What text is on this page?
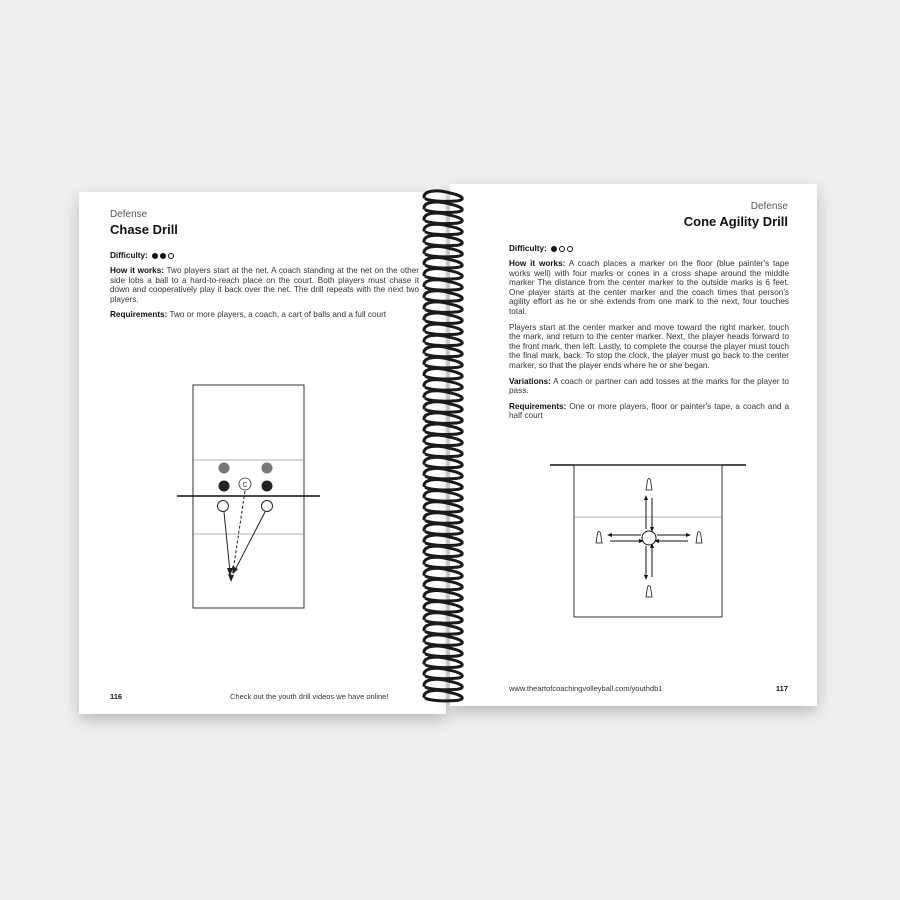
Defense
Chase Drill
Difficulty:

How it works: Two players start at the net. A coach standing at the net on the other side lobs a ball to a hard-to-reach place on the court. Both players must chase it down and cooperatively play it back over the net. The drill repeats with the next two players.

Requirements: Two or more players, a coach, a cart of balls and a full court

C
116	Check out the youth drill videos we have online!
Defense
Cone Agility Drill
Difficulty:

How it works: A coach places a marker on the floor (blue painter's tape works well) with four marks or cones in a cross shape around the middle marker The distance from the center marker to the outside marks is 6 feet. One player starts at the center marker and the coach times that person's agility effort as he or she extends from one mark to the next, four touches total.

Players start at the center marker and move toward the right marker, touch the mark, and return to the center marker. Next, the player heads forward to the front mark, then left. Lastly, to complete the course the player must touch the final mark, back. To stop the clock, the player must go back to the center marker, so that the player ends where he or she began.

Variations: A coach or partner can add tosses at the marks for the player to pass.

Requirements: One or more players, floor or painter's tape, a coach and a half court

www.theartofcoachingvolleyball.com/youthdb1	117
